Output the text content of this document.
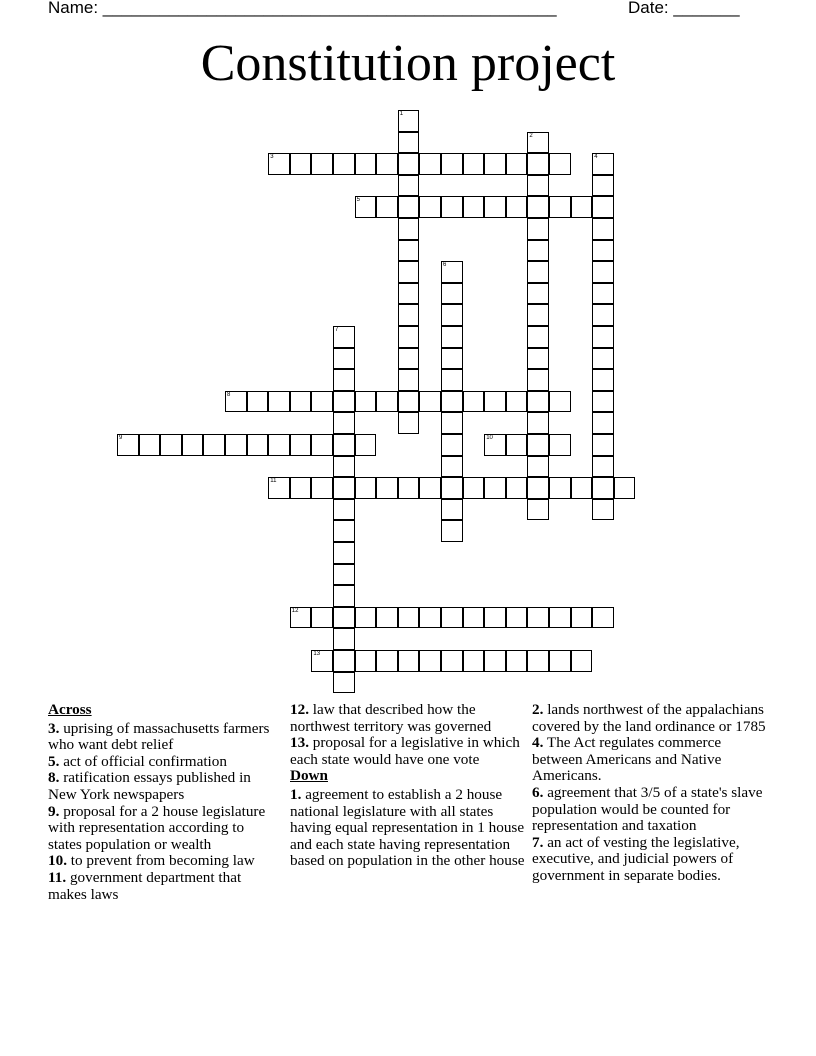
Name: ________________________________________________	Date: _______
Constitution project
1
2
3	4
5
6
7
8
9	10
11
12
13
Across
3. uprising of massachusetts farmers who want debt relief
5. act of official confirmation
8. ratification essays published in New York newspapers
9. proposal for a 2 house legislature with representation according to states population or wealth
10. to prevent from becoming law
11. government department that makes laws
12. law that described how the northwest territory was governed
13. proposal for a legislative in which each state would have one vote
Down
1. agreement to establish a 2 house national legislature with all states having equal representation in 1 house and each state having representation based on population in the other house
2. lands northwest of the appalachians covered by the land ordinance or 1785
4. The Act regulates commerce between Americans and Native Americans.
6. agreement that 3/5 of a state's slave population would be counted for representation and taxation
7. an act of vesting the legislative, executive, and judicial powers of government in separate bodies.
